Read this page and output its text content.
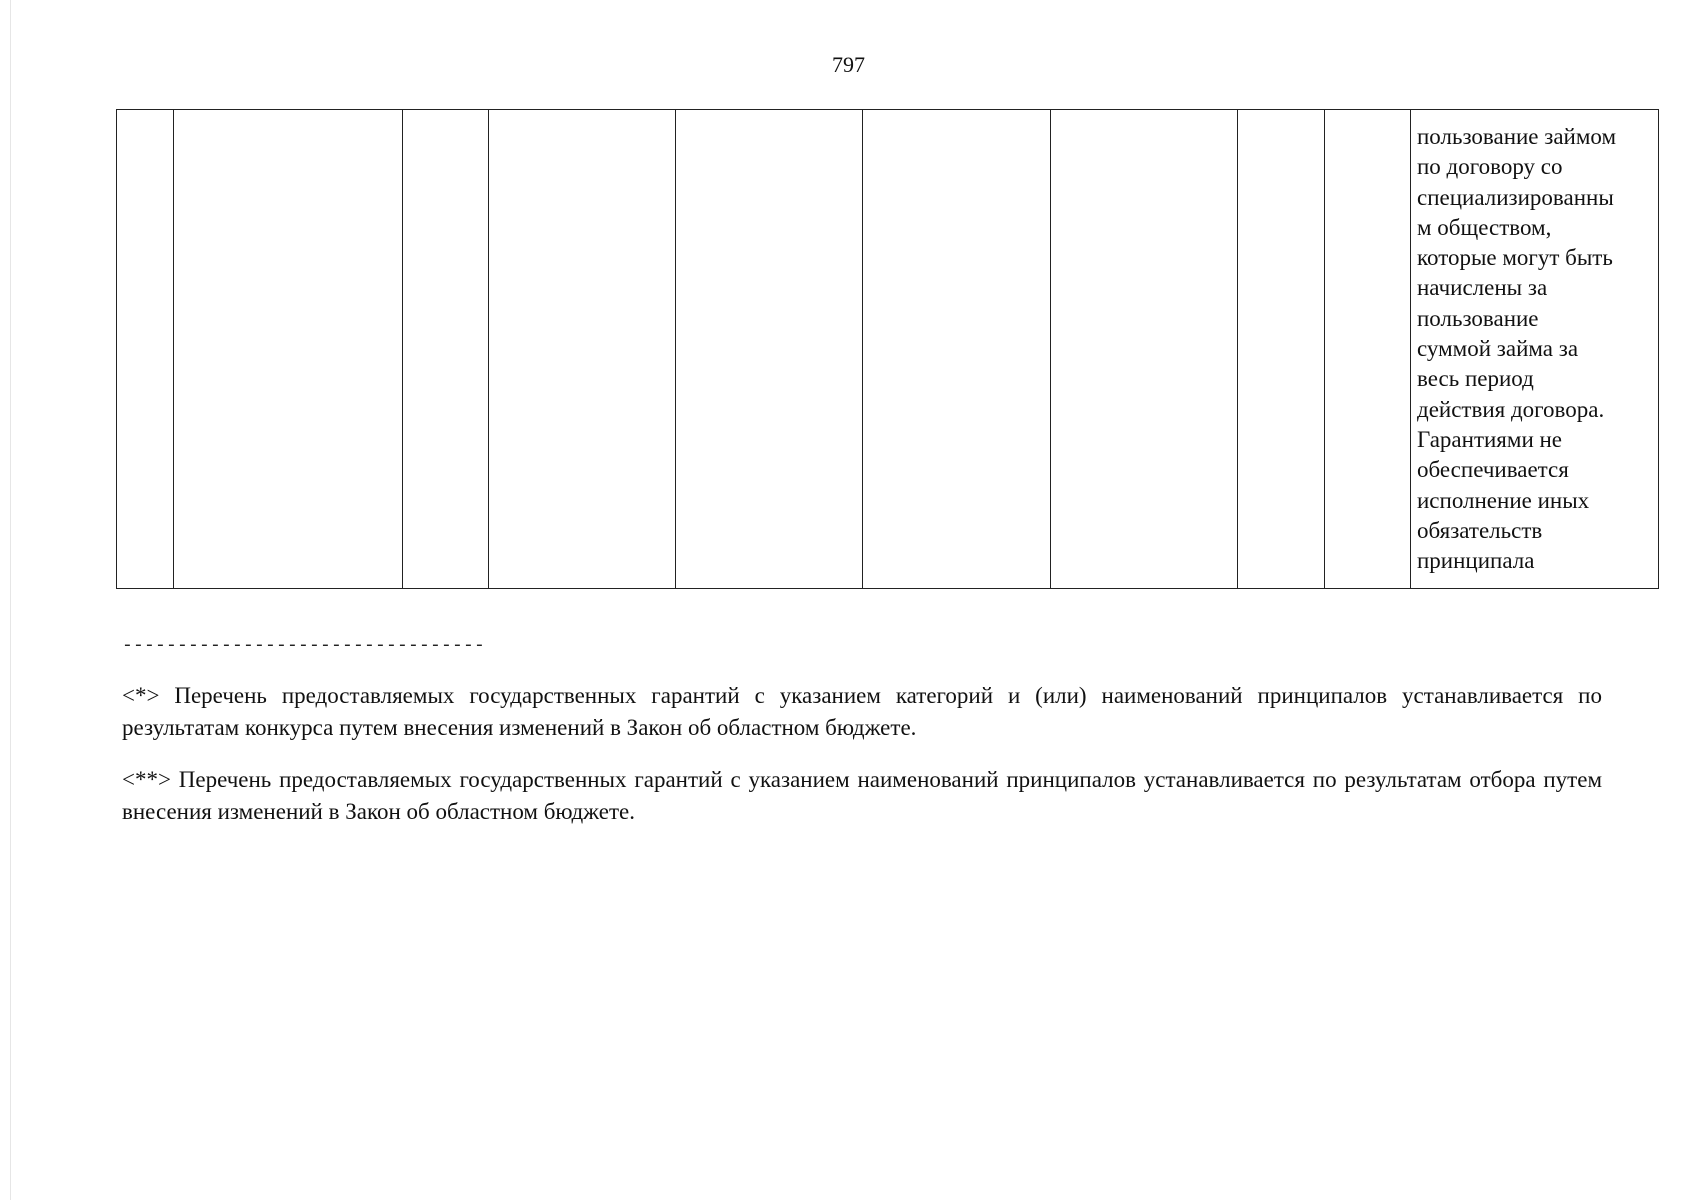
797
									пользование займом
по договору со
специализированны
м обществом,
которые могут быть
начислены за
пользование
суммой займа за
весь период
действия договора.
Гарантиями не
обеспечивается
исполнение иных
обязательств
принципала
---------------------------------
<*> Перечень предоставляемых государственных гарантий с указанием категорий и (или) наименований принципалов устанавливается по результатам конкурса путем внесения изменений в Закон об областном бюджете.
<**> Перечень предоставляемых государственных гарантий с указанием наименований принципалов устанавливается по результатам отбора путем внесения изменений в Закон об областном бюджете.
